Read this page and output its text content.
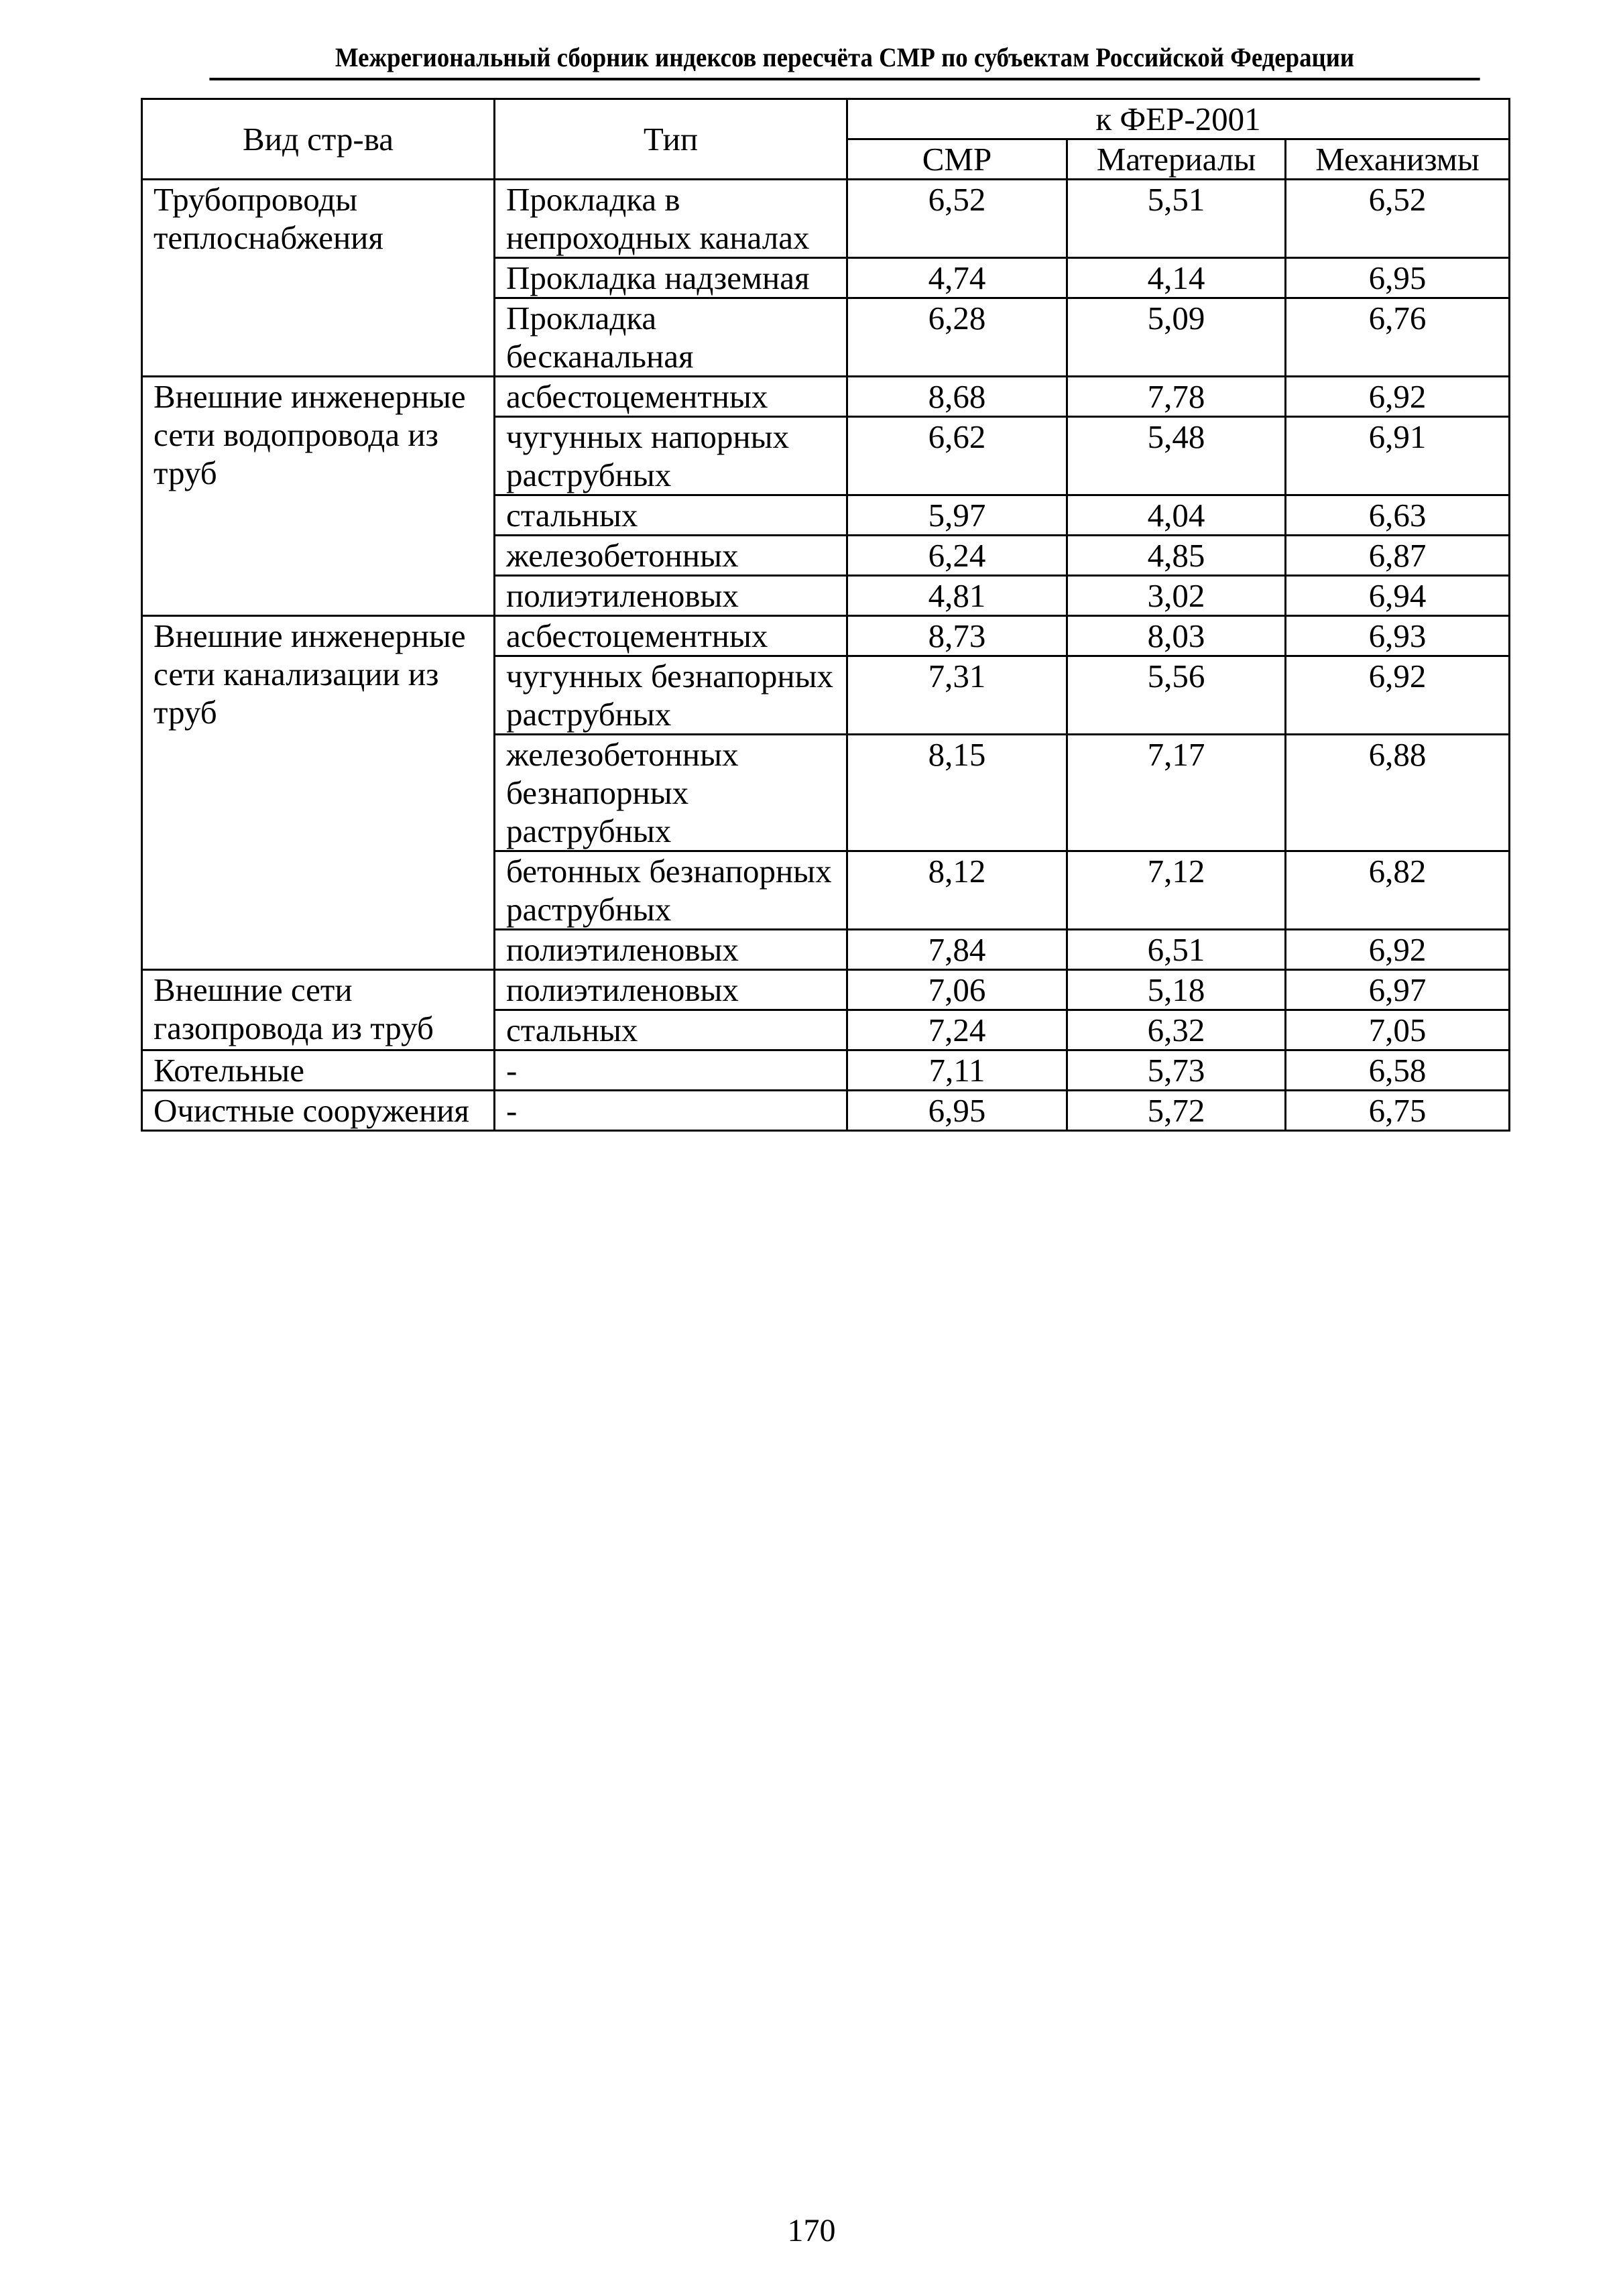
Межрегиональный сборник индексов пересчёта СМР по субъектам Российской Федерации
Вид стр-ва	Тип	к ФЕР-2001		
		СМР	Материалы	Механизмы
Трубопроводы теплоснабжения	Прокладка в непроходных каналах	6,52	5,51	6,52
	Прокладка надземная	4,74	4,14	6,95
	Прокладка бесканальная	6,28	5,09	6,76
Внешние инженерные сети водопровода из труб	асбестоцементных	8,68	7,78	6,92
	чугунных напорных раструбных	6,62	5,48	6,91
	стальных	5,97	4,04	6,63
	железобетонных	6,24	4,85	6,87
	полиэтиленовых	4,81	3,02	6,94
Внешние инженерные сети канализации из труб	асбестоцементных	8,73	8,03	6,93
	чугунных безнапорных раструбных	7,31	5,56	6,92
	железобетонных безнапорных раструбных	8,15	7,17	6,88
	бетонных безнапорных раструбных	8,12	7,12	6,82
	полиэтиленовых	7,84	6,51	6,92
Внешние сети газопровода из труб	полиэтиленовых	7,06	5,18	6,97
	стальных	7,24	6,32	7,05
Котельные	-	7,11	5,73	6,58
Очистные сооружения	-	6,95	5,72	6,75
170
